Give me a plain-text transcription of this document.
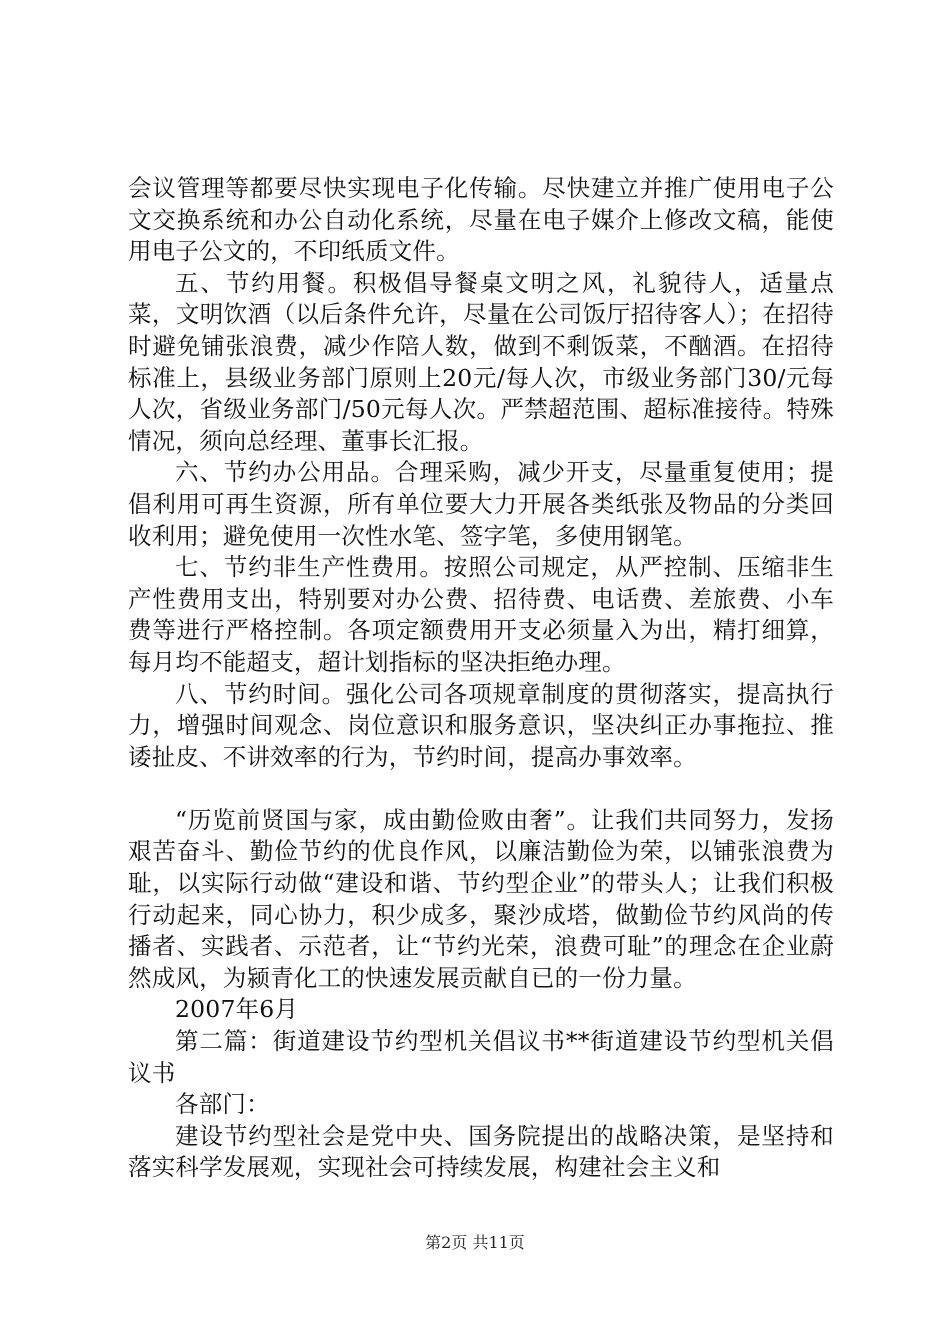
会议管理等都要尽快实现电子化传输。尽快建立并推广使用电子公文交换系统和办公自动化系统，尽量在电子媒介上修改文稿，能使用电子公文的，不印纸质文件。

五、节约用餐。积极倡导餐桌文明之风，礼貌待人，适量点菜，文明饮酒（以后条件允许，尽量在公司饭厅招待客人）；在招待时避免铺张浪费，减少作陪人数，做到不剩饭菜，不酗酒。在招待标准上，县级业务部门原则上20元/每人次，市级业务部门30/元每人次，省级业务部门/50元每人次。严禁超范围、超标准接待。特殊情况，须向总经理、董事长汇报。

六、节约办公用品。合理采购，减少开支，尽量重复使用；提倡利用可再生资源，所有单位要大力开展各类纸张及物品的分类回收利用；避免使用一次性水笔、签字笔，多使用钢笔。

七、节约非生产性费用。按照公司规定，从严控制、压缩非生产性费用支出，特别要对办公费、招待费、电话费、差旅费、小车费等进行严格控制。各项定额费用开支必须量入为出，精打细算，每月均不能超支，超计划指标的坚决拒绝办理。

八、节约时间。强化公司各项规章制度的贯彻落实，提高执行力，增强时间观念、岗位意识和服务意识，坚决纠正办事拖拉、推诿扯皮、不讲效率的行为，节约时间，提高办事效率。

“历览前贤国与家，成由勤俭败由奢”。让我们共同努力，发扬艰苦奋斗、勤俭节约的优良作风，以廉洁勤俭为荣，以铺张浪费为耻，以实际行动做“建设和谐、节约型企业”的带头人；让我们积极行动起来，同心协力，积少成多，聚沙成塔，做勤俭节约风尚的传播者、实践者、示范者，让“节约光荣，浪费可耻”的理念在企业蔚然成风，为颍青化工的快速发展贡献自已的一份力量。

2007年6月

第二篇：街道建设节约型机关倡议书**街道建设节约型机关倡议书

各部门：

建设节约型社会是党中央、国务院提出的战略决策，是坚持和落实科学发展观，实现社会可持续发展，构建社会主义和

第2页 共11页
